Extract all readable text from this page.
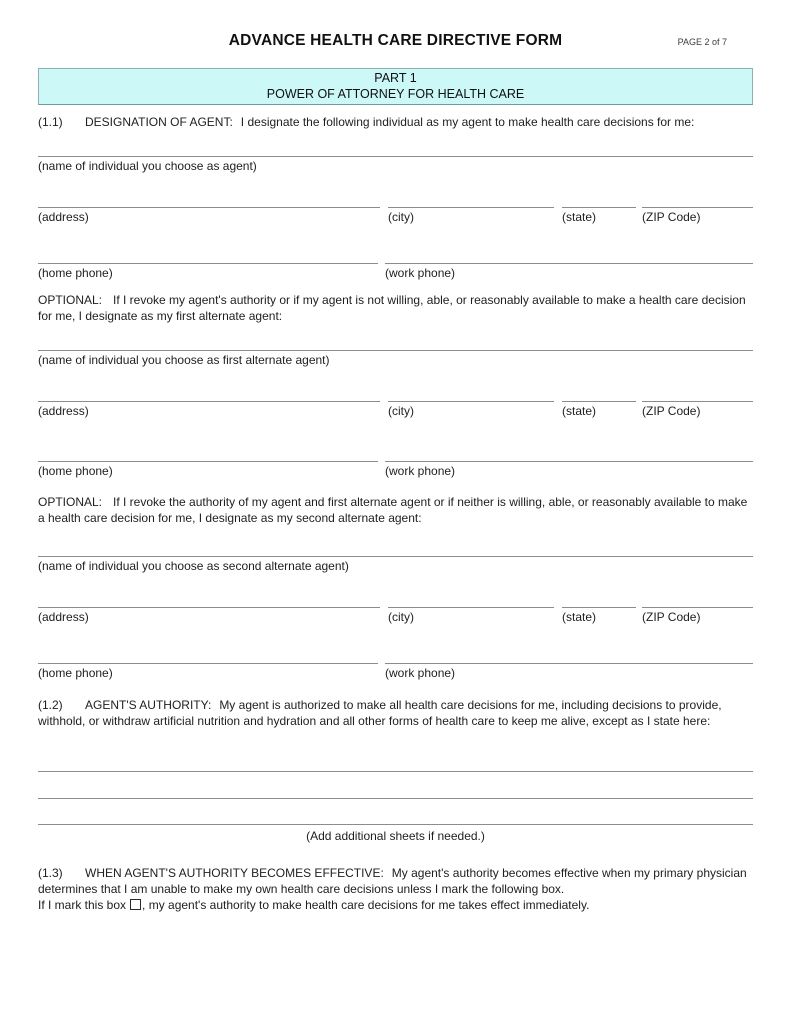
ADVANCE HEALTH CARE DIRECTIVE FORM	PAGE 2 of 7
PART 1
POWER OF ATTORNEY FOR HEALTH CARE

(1.1) DESIGNATION OF AGENT: I designate the following individual as my agent to make health care decisions for me:

(name of individual you choose as agent)
(address)	(city)	(state)	(ZIP Code)
(home phone)	(work phone)

OPTIONAL: If I revoke my agent's authority or if my agent is not willing, able, or reasonably available to make a health care decision for me, I designate as my first alternate agent:

(name of individual you choose as first alternate agent)
(address)	(city)	(state)	(ZIP Code)
(home phone)	(work phone)

OPTIONAL: If I revoke the authority of my agent and first alternate agent or if neither is willing, able, or reasonably available to make a health care decision for me, I designate as my second alternate agent:

(name of individual you choose as second alternate agent)
(address)	(city)	(state)	(ZIP Code)
(home phone)	(work phone)

(1.2) AGENT'S AUTHORITY: My agent is authorized to make all health care decisions for me, including decisions to provide, withhold, or withdraw artificial nutrition and hydration and all other forms of health care to keep me alive, except as I state here:

(Add additional sheets if needed.)

(1.3) WHEN AGENT'S AUTHORITY BECOMES EFFECTIVE: My agent's authority becomes effective when my primary physician determines that I am unable to make my own health care decisions unless I mark the following box.

If I mark this box , my agent's authority to make health care decisions for me takes effect immediately.
